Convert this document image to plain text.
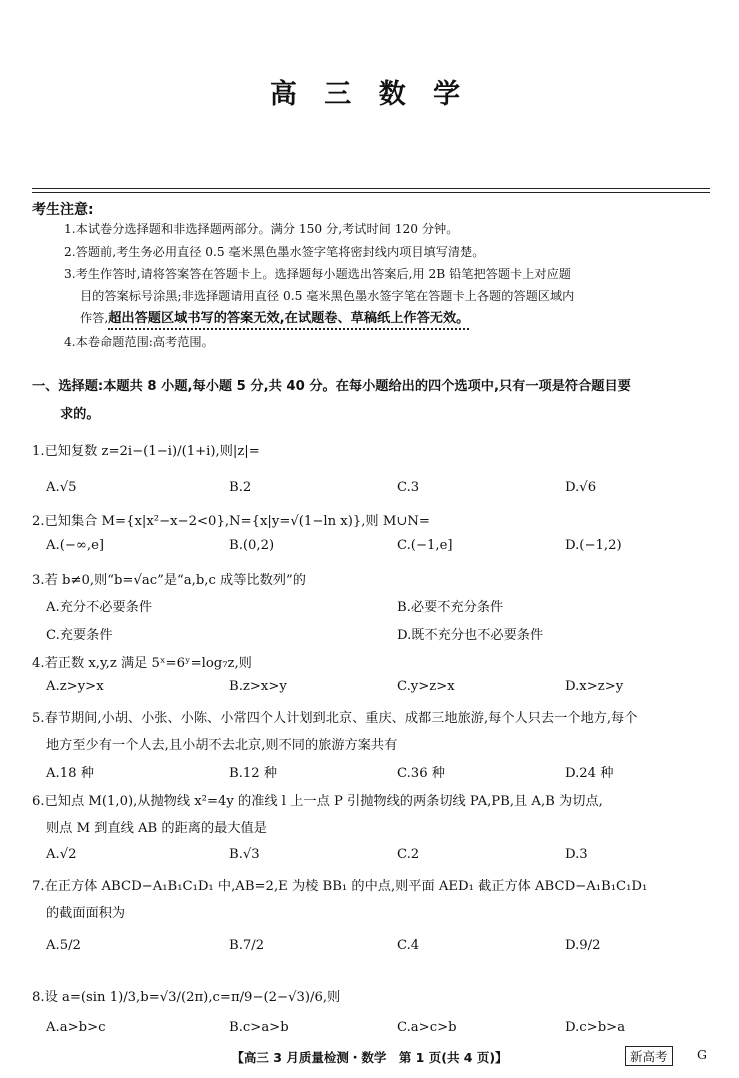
高 三 数 学
考生注意:
1.本试卷分选择题和非选择题两部分。满分 150 分,考试时间 120 分钟。
2.答题前,考生务必用直径 0.5 毫米黑色墨水签字笔将密封线内项目填写清楚。
3.考生作答时,请将答案答在答题卡上。选择题每小题选出答案后,用 2B 铅笔把答题卡上对应题
目的答案标号涂黑;非选择题请用直径 0.5 毫米黑色墨水签字笔在答题卡上各题的答题区域内
作答,超出答题区域书写的答案无效,在试题卷、草稿纸上作答无效。
4.本卷命题范围:高考范围。
一、选择题:本题共 8 小题,每小题 5 分,共 40 分。在每小题给出的四个选项中,只有一项是符合题目要
求的。
1.已知复数 z=2i−(1−i)/(1+i),则|z|=
A.√5	B.2	C.3	D.√6
2.已知集合 M={x|x²−x−2<0},N={x|y=√(1−ln x)},则 M∪N=
A.(−∞,e]	B.(0,2)	C.(−1,e]	D.(−1,2)
3.若 b≠0,则“b=√ac”是“a,b,c 成等比数列”的
A.充分不必要条件	B.必要不充分条件
C.充要条件	D.既不充分也不必要条件
4.若正数 x,y,z 满足 5ˣ=6ʸ=log₇z,则
A.z>y>x	B.z>x>y	C.y>z>x	D.x>z>y
5.春节期间,小胡、小张、小陈、小常四个人计划到北京、重庆、成都三地旅游,每个人只去一个地方,每个
地方至少有一个人去,且小胡不去北京,则不同的旅游方案共有
A.18 种	B.12 种	C.36 种	D.24 种
6.已知点 M(1,0),从抛物线 x²=4y 的准线 l 上一点 P 引抛物线的两条切线 PA,PB,且 A,B 为切点,
则点 M 到直线 AB 的距离的最大值是
A.√2	B.√3	C.2	D.3
7.在正方体 ABCD−A₁B₁C₁D₁ 中,AB=2,E 为棱 BB₁ 的中点,则平面 AED₁ 截正方体 ABCD−A₁B₁C₁D₁
的截面面积为
A.5/2	B.7/2	C.4	D.9/2
8.设 a=(sin 1)/3,b=√3/(2π),c=π/9−(2−√3)/6,则
A.a>b>c	B.c>a>b	C.a>c>b	D.c>b>a
【高三 3 月质量检测・数学　第 1 页(共 4 页)】	新高考	G
